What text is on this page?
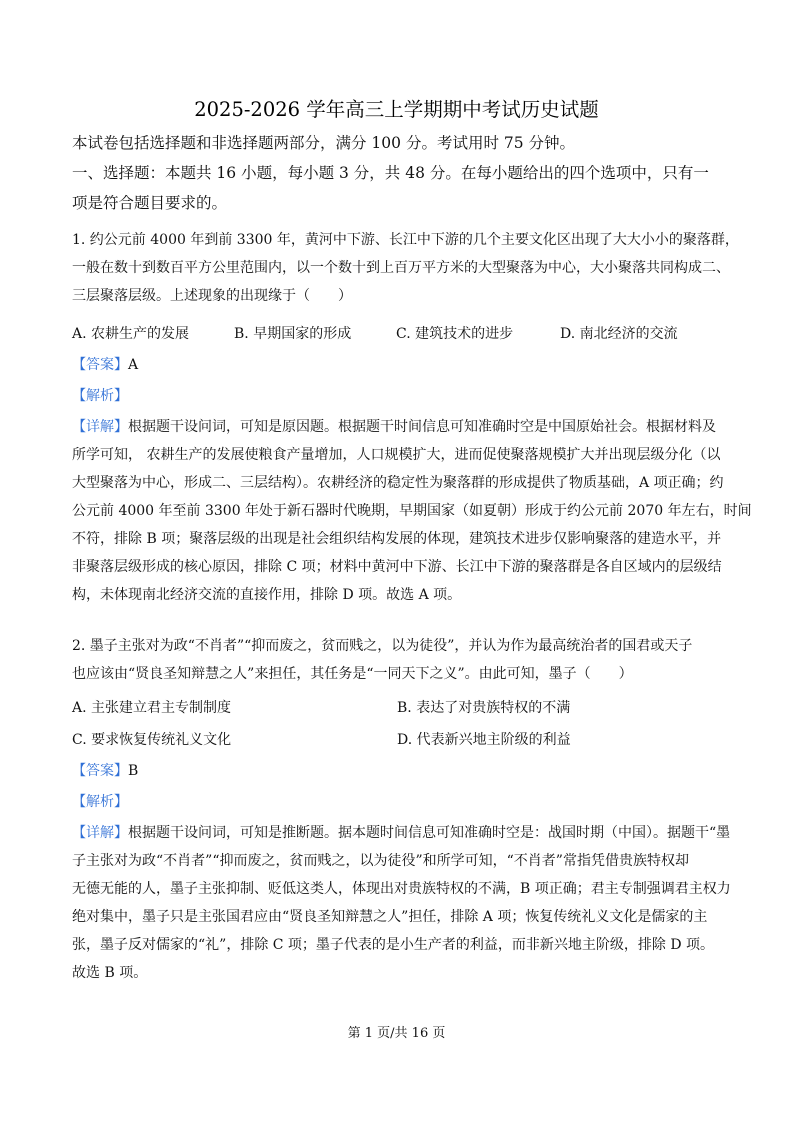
2025-2026 学年高三上学期期中考试历史试题

本试卷包括选择题和非选择题两部分，满分 100 分。考试用时 75 分钟。

一、选择题：本题共 16 小题，每小题 3 分，共 48 分。在每小题给出的四个选项中，只有一

项是符合题目要求的。

1. 约公元前 4000 年到前 3300 年，黄河中下游、长江中下游的几个主要文化区出现了大大小小的聚落群，

一般在数十到数百平方公里范围内，以一个数十到上百万平方米的大型聚落为中心，大小聚落共同构成二、

三层聚落层级。上述现象的出现缘于（　　）

A. 农耕生产的发展	B. 早期国家的形成	C. 建筑技术的进步	D. 南北经济的交流
【答案】A
【解析】

【详解】根据题干设问词，可知是原因题。根据题干时间信息可知准确时空是中国原始社会。根据材料及

所学可知， 农耕生产的发展使粮食产量增加，人口规模扩大，进而促使聚落规模扩大并出现层级分化（以

大型聚落为中心，形成二、三层结构）。农耕经济的稳定性为聚落群的形成提供了物质基础，A 项正确；约

公元前 4000 年至前 3300 年处于新石器时代晚期，早期国家（如夏朝）形成于约公元前 2070 年左右，时间

不符，排除 B 项；聚落层级的出现是社会组织结构发展的体现，建筑技术进步仅影响聚落的建造水平，并

非聚落层级形成的核心原因，排除 C 项；材料中黄河中下游、长江中下游的聚落群是各自区域内的层级结

构，未体现南北经济交流的直接作用，排除 D 项。故选 A 项。

2. 墨子主张对为政“不肖者”“抑而废之，贫而贱之，以为徒役”，并认为作为最高统治者的国君或天子

也应该由“贤良圣知辩慧之人”来担任，其任务是“一同天下之义”。由此可知，墨子（　　）

A. 主张建立君主专制制度	B. 表达了对贵族特权的不满
C. 要求恢复传统礼义文化	D. 代表新兴地主阶级的利益
【答案】B
【解析】

【详解】根据题干设问词，可知是推断题。据本题时间信息可知准确时空是：战国时期（中国）。据题干“墨

子主张对为政“不肖者”“抑而废之，贫而贱之，以为徒役”和所学可知，“不肖者”常指凭借贵族特权却

无德无能的人，墨子主张抑制、贬低这类人，体现出对贵族特权的不满，B 项正确；君主专制强调君主权力

绝对集中，墨子只是主张国君应由“贤良圣知辩慧之人”担任，排除 A 项；恢复传统礼义文化是儒家的主

张，墨子反对儒家的“礼”，排除 C 项；墨子代表的是小生产者的利益，而非新兴地主阶级，排除 D 项。

故选 B 项。

第 1 页/共 16 页
